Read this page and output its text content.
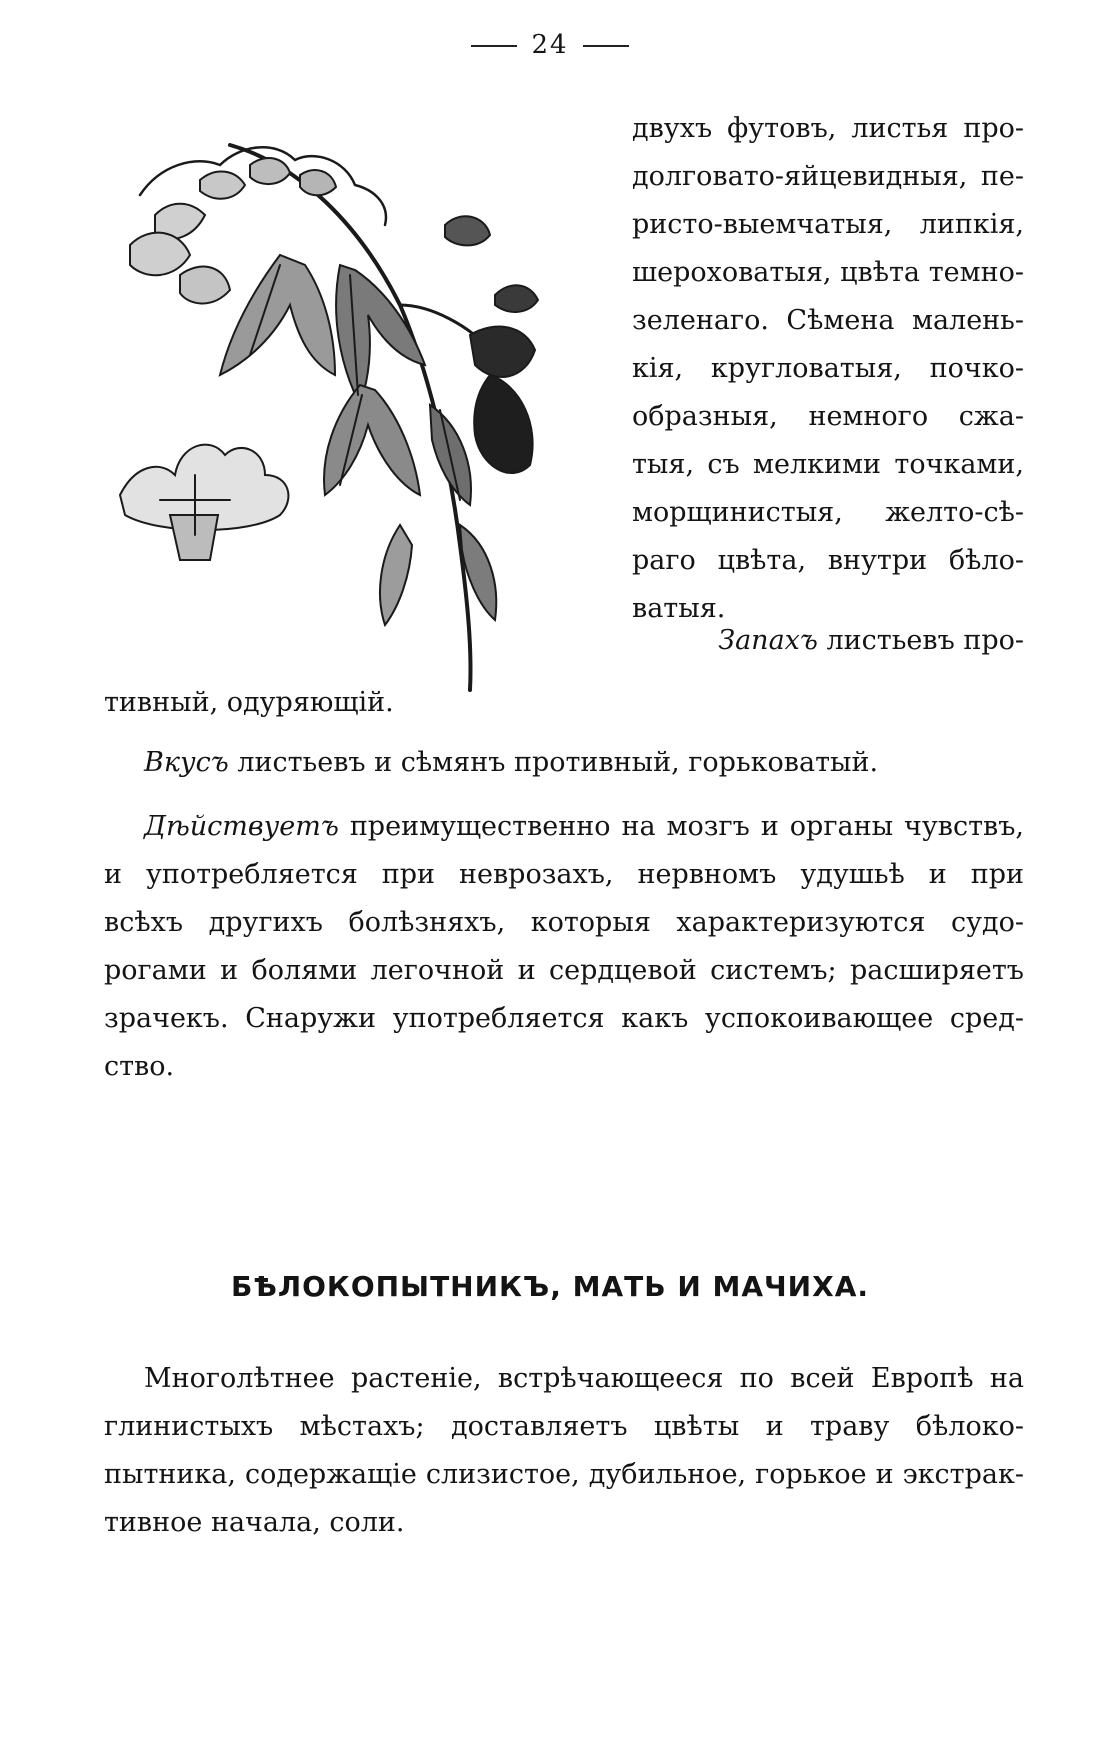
24
двухъ футовъ, листья про-
долговато-яйцевидныя, пе-
ристо-выемчатыя, липкія,
шероховатыя, цвѣта темно-
зеленаго. Сѣмена малень-
кія, кругловатыя, почко-
образныя, немного сжа-
тыя, съ мелкими точками,
морщинистыя, желто-сѣ-
раго цвѣта, внутри бѣло-
ватыя.
Запахъ листьевъ про-
тивный, одуряющій.
Вкусъ листьевъ и сѣмянъ противный, горьковатый.
Дѣйствуетъ преимущественно на мозгъ и органы чувствъ,
и употребляется при неврозахъ, нервномъ удушьѣ и при
всѣхъ другихъ болѣзняхъ, которыя характеризуются судо-
рогами и болями легочной и сердцевой системъ; расширяетъ
зрачекъ. Снаружи употребляется какъ успокоивающее сред-
ство.
БѢЛОКОПЫТНИКЪ, МАТЬ И МАЧИХА.
Многолѣтнее растеніе, встрѣчающееся по всей Европѣ на
глинистыхъ мѣстахъ; доставляетъ цвѣты и траву бѣлоко-
пытника, содержащіе слизистое, дубильное, горькое и экстрак-
тивное начала, соли.
